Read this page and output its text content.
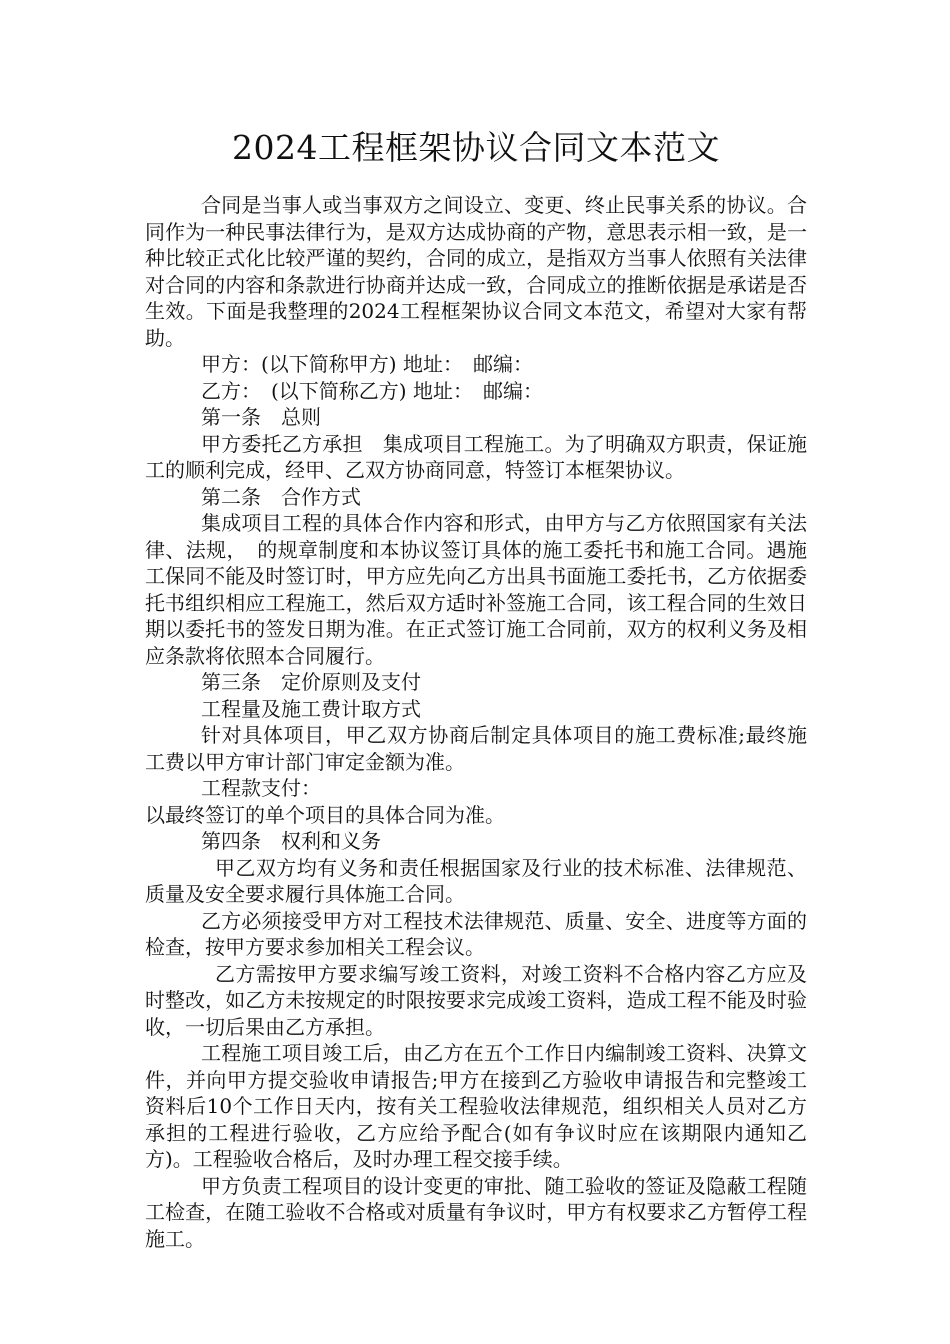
2024工程框架协议合同文本范文

合同是当事人或当事双方之间设立、变更、终止民事关系的协议。合同作为一种民事法律行为，是双方达成协商的产物，意思表示相一致，是一种比较正式化比较严谨的契约，合同的成立，是指双方当事人依照有关法律对合同的内容和条款进行协商并达成一致，合同成立的推断依据是承诺是否生效。下面是我整理的2024工程框架协议合同文本范文，希望对大家有帮助。

甲方：(以下简称甲方) 地址：　邮编：

乙方：　(以下简称乙方) 地址：　邮编：

第一条　总则

甲方委托乙方承担　集成项目工程施工。为了明确双方职责，保证施工的顺利完成，经甲、乙双方协商同意，特签订本框架协议。

第二条　合作方式

集成项目工程的具体合作内容和形式，由甲方与乙方依照国家有关法律、法规，　的规章制度和本协议签订具体的施工委托书和施工合同。遇施工保同不能及时签订时，甲方应先向乙方出具书面施工委托书，乙方依据委托书组织相应工程施工，然后双方适时补签施工合同，该工程合同的生效日期以委托书的签发日期为准。在正式签订施工合同前，双方的权利义务及相应条款将依照本合同履行。

第三条　定价原则及支付

工程量及施工费计取方式

针对具体项目，甲乙双方协商后制定具体项目的施工费标准;最终施工费以甲方审计部门审定金额为准。

工程款支付：

以最终签订的单个项目的具体合同为准。

第四条　权利和义务

甲乙双方均有义务和责任根据国家及行业的技术标准、法律规范、质量及安全要求履行具体施工合同。

乙方必须接受甲方对工程技术法律规范、质量、安全、进度等方面的检查，按甲方要求参加相关工程会议。

乙方需按甲方要求编写竣工资料，对竣工资料不合格内容乙方应及时整改，如乙方未按规定的时限按要求完成竣工资料，造成工程不能及时验收，一切后果由乙方承担。

工程施工项目竣工后，由乙方在五个工作日内编制竣工资料、决算文件，并向甲方提交验收申请报告;甲方在接到乙方验收申请报告和完整竣工资料后10个工作日天内，按有关工程验收法律规范，组织相关人员对乙方承担的工程进行验收，乙方应给予配合(如有争议时应在该期限内通知乙方)。工程验收合格后，及时办理工程交接手续。

甲方负责工程项目的设计变更的审批、随工验收的签证及隐蔽工程随工检查，在随工验收不合格或对质量有争议时，甲方有权要求乙方暂停工程施工。
